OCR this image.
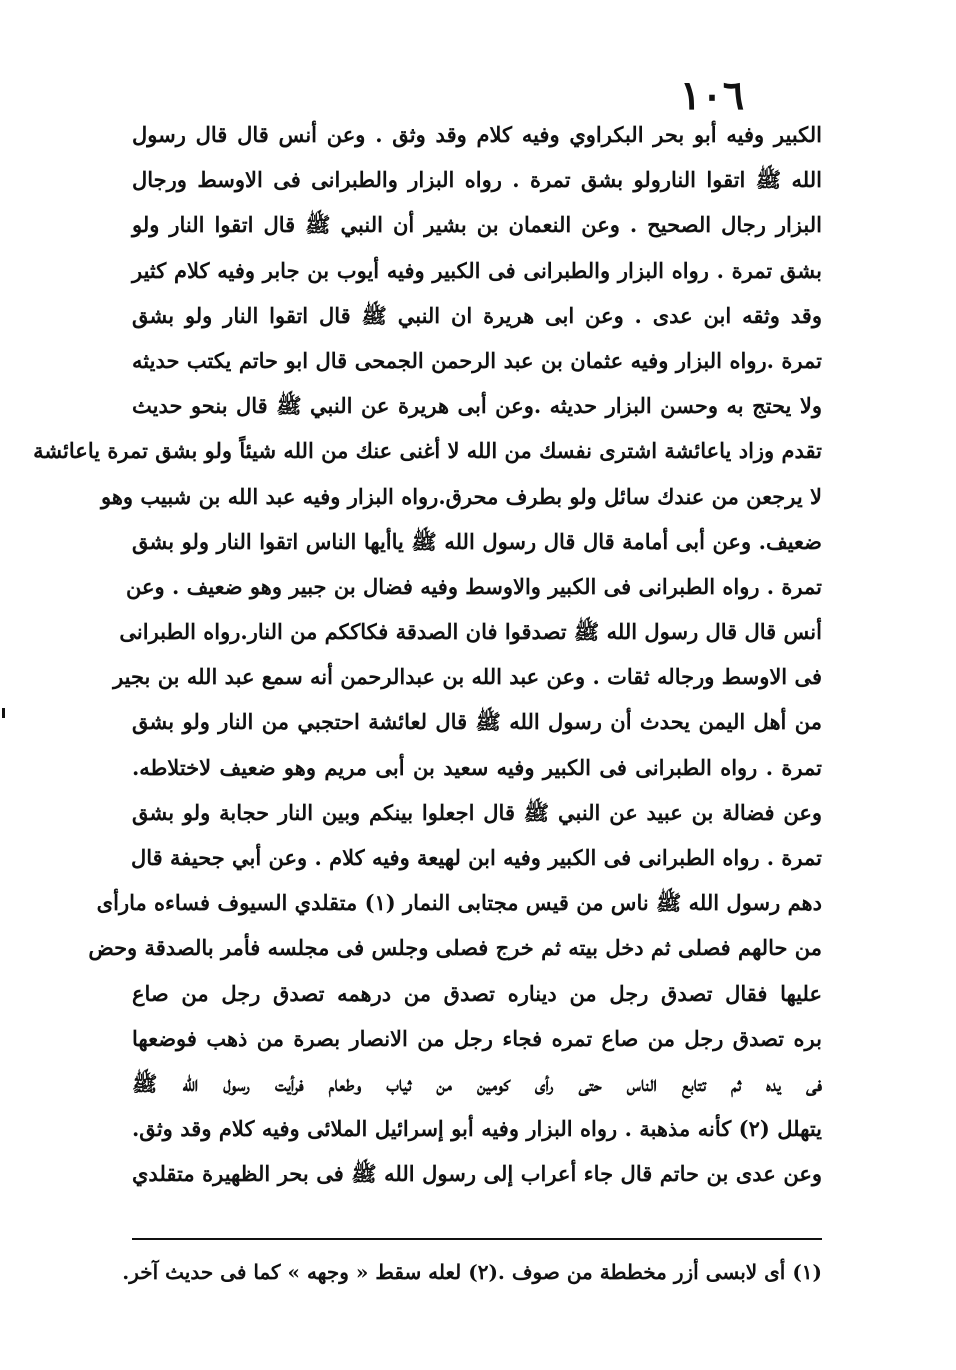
١٠٦
الكبير وفيه أبو بحر البكراوي وفيه كلام وقد وثق . وعن أنس قال قال رسول
الله ﷺ اتقوا النارولو بشق تمرة . رواه البزار والطبرانى فى الاوسط ورجال
البزار رجال الصحيح . وعن النعمان بن بشير أن النبي ﷺ قال اتقوا النار ولو
بشق تمرة . رواه البزار والطبرانى فى الكبير وفيه أيوب بن جابر وفيه كلام كثير
وقد وثقه ابن عدى . وعن ابى هريرة ان النبي ﷺ قال اتقوا النار ولو بشق
تمرة .رواه البزار وفيه عثمان بن عبد الرحمن الجمحى قال ابو حاتم يكتب حديثه
ولا يحتج به وحسن البزار حديثه .وعن أبى هريرة عن النبي ﷺ قال بنحو حديث
تقدم وزاد ياعائشة اشترى نفسك من الله لا أغنى عنك من الله شيئاً ولو بشق تمرة ياعائشة
لا يرجعن من عندك سائل ولو بطرف محرق.رواه البزار وفيه عبد الله بن شبيب وهو
ضعيف. وعن أبى أمامة قال قال رسول الله ﷺ ياأيها الناس اتقوا النار ولو بشق
تمرة . رواه الطبرانى فى الكبير والاوسط وفيه فضال بن جبير وهو ضعيف . وعن
أنس قال قال رسول الله ﷺ تصدقوا فان الصدقة فكاككم من النار.رواه الطبرانى
فى الاوسط ورجاله ثقات . وعن عبد الله بن عبدالرحمن أنه سمع عبد الله بن بجير
من أهل اليمن يحدث أن رسول الله ﷺ قال لعائشة احتجبي من النار ولو بشق
تمرة . رواه الطبرانى فى الكبير وفيه سعيد بن أبى مريم وهو ضعيف لاختلاطه.
وعن فضالة بن عبيد عن النبي ﷺ قال اجعلوا بينكم وبين النار حجابة ولو بشق
تمرة . رواه الطبرانى فى الكبير وفيه ابن لهيعة وفيه كلام . وعن أبي جحيفة قال
دهم رسول الله ﷺ ناس من قيس مجتابى النمار (١) متقلدي السيوف فساءه مارأى
من حالهم فصلى ثم دخل بيته ثم خرج فصلى وجلس فى مجلسه فأمر بالصدقة وحض
عليها فقال تصدق رجل من ديناره تصدق من درهمه تصدق رجل من صاع
بره تصدق رجل من صاع تمره فجاء رجل من الانصار بصرة من ذهب فوضعها
فى يده ثم تتابع الناس حتى رأى كومين من ثياب وطعام فرأيت رسول الله ﷺ
يتهلل (٢) كأنه مذهبة . رواه البزار وفيه أبو إسرائيل الملائى وفيه كلام وقد وثق.
وعن عدى بن حاتم قال جاء أعراب إلى رسول الله ﷺ فى بحر الظهيرة متقلدي
(١) أى لابسى أزر مخططة من صوف .(٢) لعله سقط « وجهه » كما فى حديث آخر.
